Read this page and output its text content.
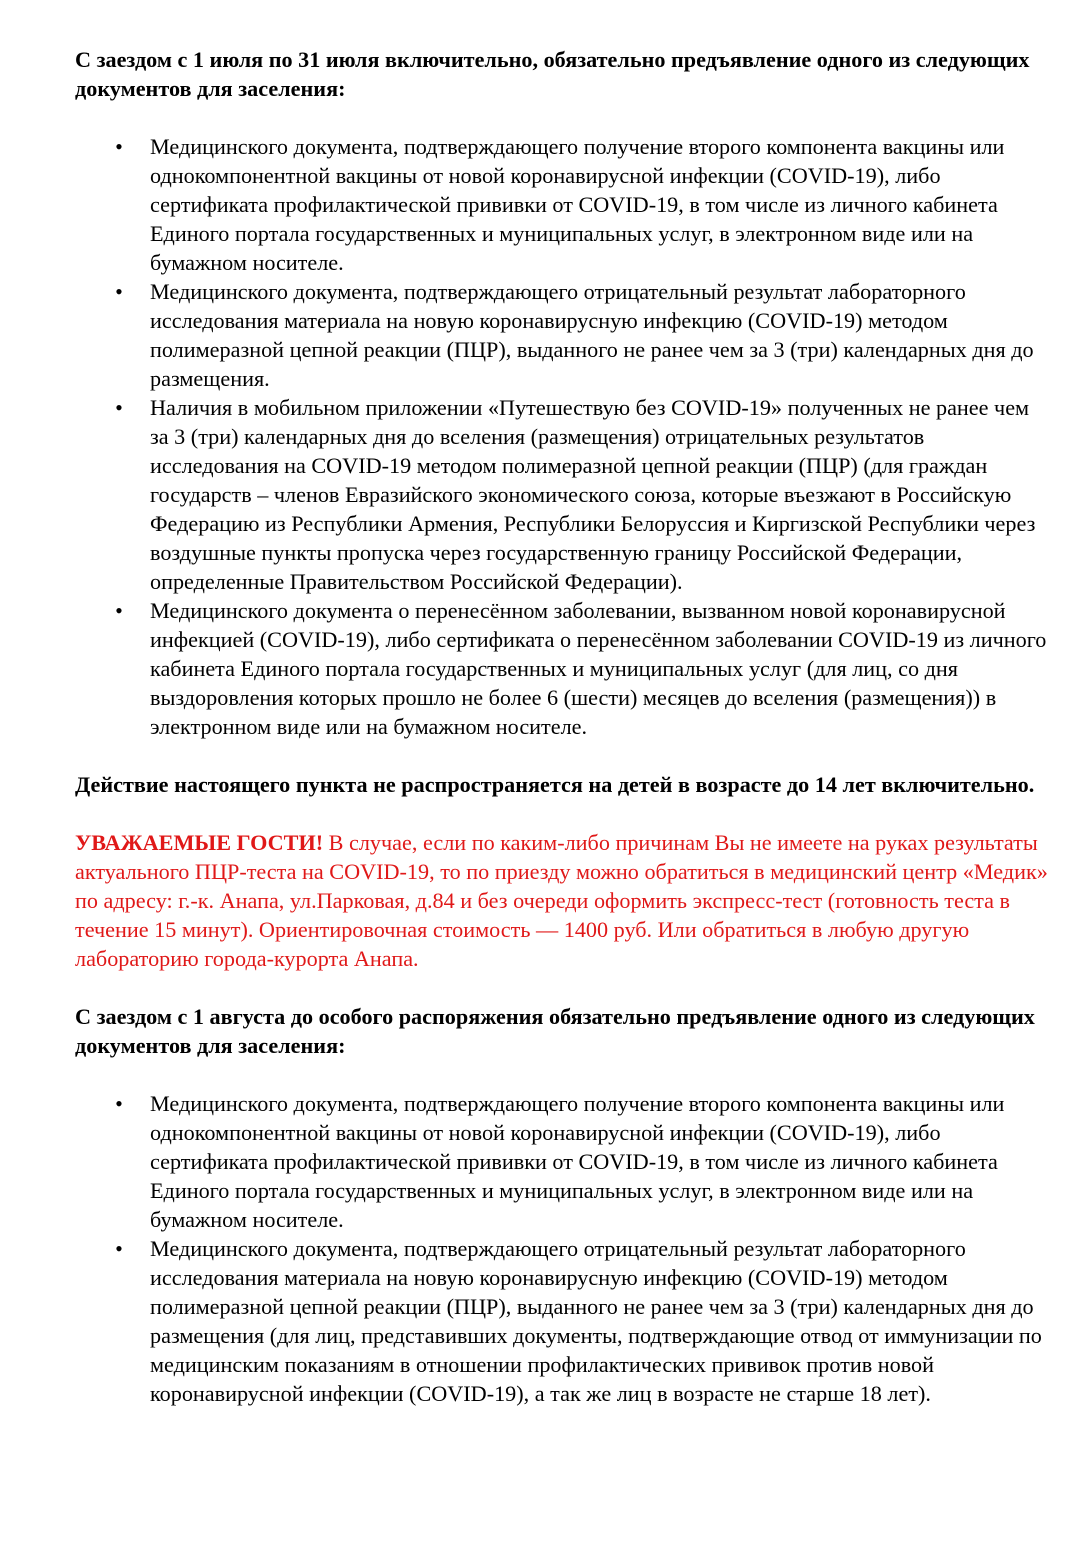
С заездом с 1 июля по 31 июля включительно, обязательно предъявление одного из следующих документов для заселения:

•
Медицинского документа, подтверждающего получение второго компонента вакцины или однокомпонентной вакцины от новой коронавирусной инфекции (COVID-19), либо сертификата профилактической прививки от COVID-19, в том числе из личного кабинета Единого портала государственных и муниципальных услуг, в электронном виде или на бумажном носителе.
•
Медицинского документа, подтверждающего отрицательный результат лабораторного исследования материала на новую коронавирусную инфекцию (COVID-19) методом полимеразной цепной реакции (ПЦР), выданного не ранее чем за 3 (три) календарных дня до размещения.
•
Наличия в мобильном приложении «Путешествую без COVID-19» полученных не ранее чем за 3 (три) календарных дня до вселения (размещения) отрицательных результатов исследования на COVID-19 методом полимеразной цепной реакции (ПЦР) (для граждан государств – членов Евразийского экономического союза, которые въезжают в Российскую Федерацию из Республики Армения, Республики Белоруссия и Киргизской Республики через воздушные пункты пропуска через государственную границу Российской Федерации, определенные Правительством Российской Федерации).
•
Медицинского документа о перенесённом заболевании, вызванном новой коронавирусной инфекцией (COVID-19), либо сертификата о перенесённом заболевании COVID-19 из личного кабинета Единого портала государственных и муниципальных услуг (для лиц, со дня выздоровления которых прошло не более 6 (шести) месяцев до вселения (размещения)) в электронном виде или на бумажном носителе.

Действие настоящего пункта не распространяется на детей в возрасте до 14 лет включительно.

УВАЖАЕМЫЕ ГОСТИ! В случае, если по каким-либо причинам Вы не имеете на руках результаты актуального ПЦР-теста на COVID-19, то по приезду можно обратиться в медицинский центр «Медик» по адресу: г.-к. Анапа, ул.Парковая, д.84 и без очереди оформить экспресс-тест (готовность теста в течение 15 минут). Ориентировочная стоимость — 1400 руб. Или обратиться в любую другую лабораторию города-курорта Анапа.

С заездом с 1 августа до особого распоряжения обязательно предъявление одного из следующих документов для заселения:

•
Медицинского документа, подтверждающего получение второго компонента вакцины или однокомпонентной вакцины от новой коронавирусной инфекции (COVID-19), либо сертификата профилактической прививки от COVID-19, в том числе из личного кабинета Единого портала государственных и муниципальных услуг, в электронном виде или на бумажном носителе.
•
Медицинского документа, подтверждающего отрицательный результат лабораторного исследования материала на новую коронавирусную инфекцию (COVID-19) методом полимеразной цепной реакции (ПЦР), выданного не ранее чем за 3 (три) календарных дня до размещения (для лиц, представивших документы, подтверждающие отвод от иммунизации по медицинским показаниям в отношении профилактических прививок против новой коронавирусной инфекции (COVID-19), а так же лиц в возрасте не старше 18 лет).
